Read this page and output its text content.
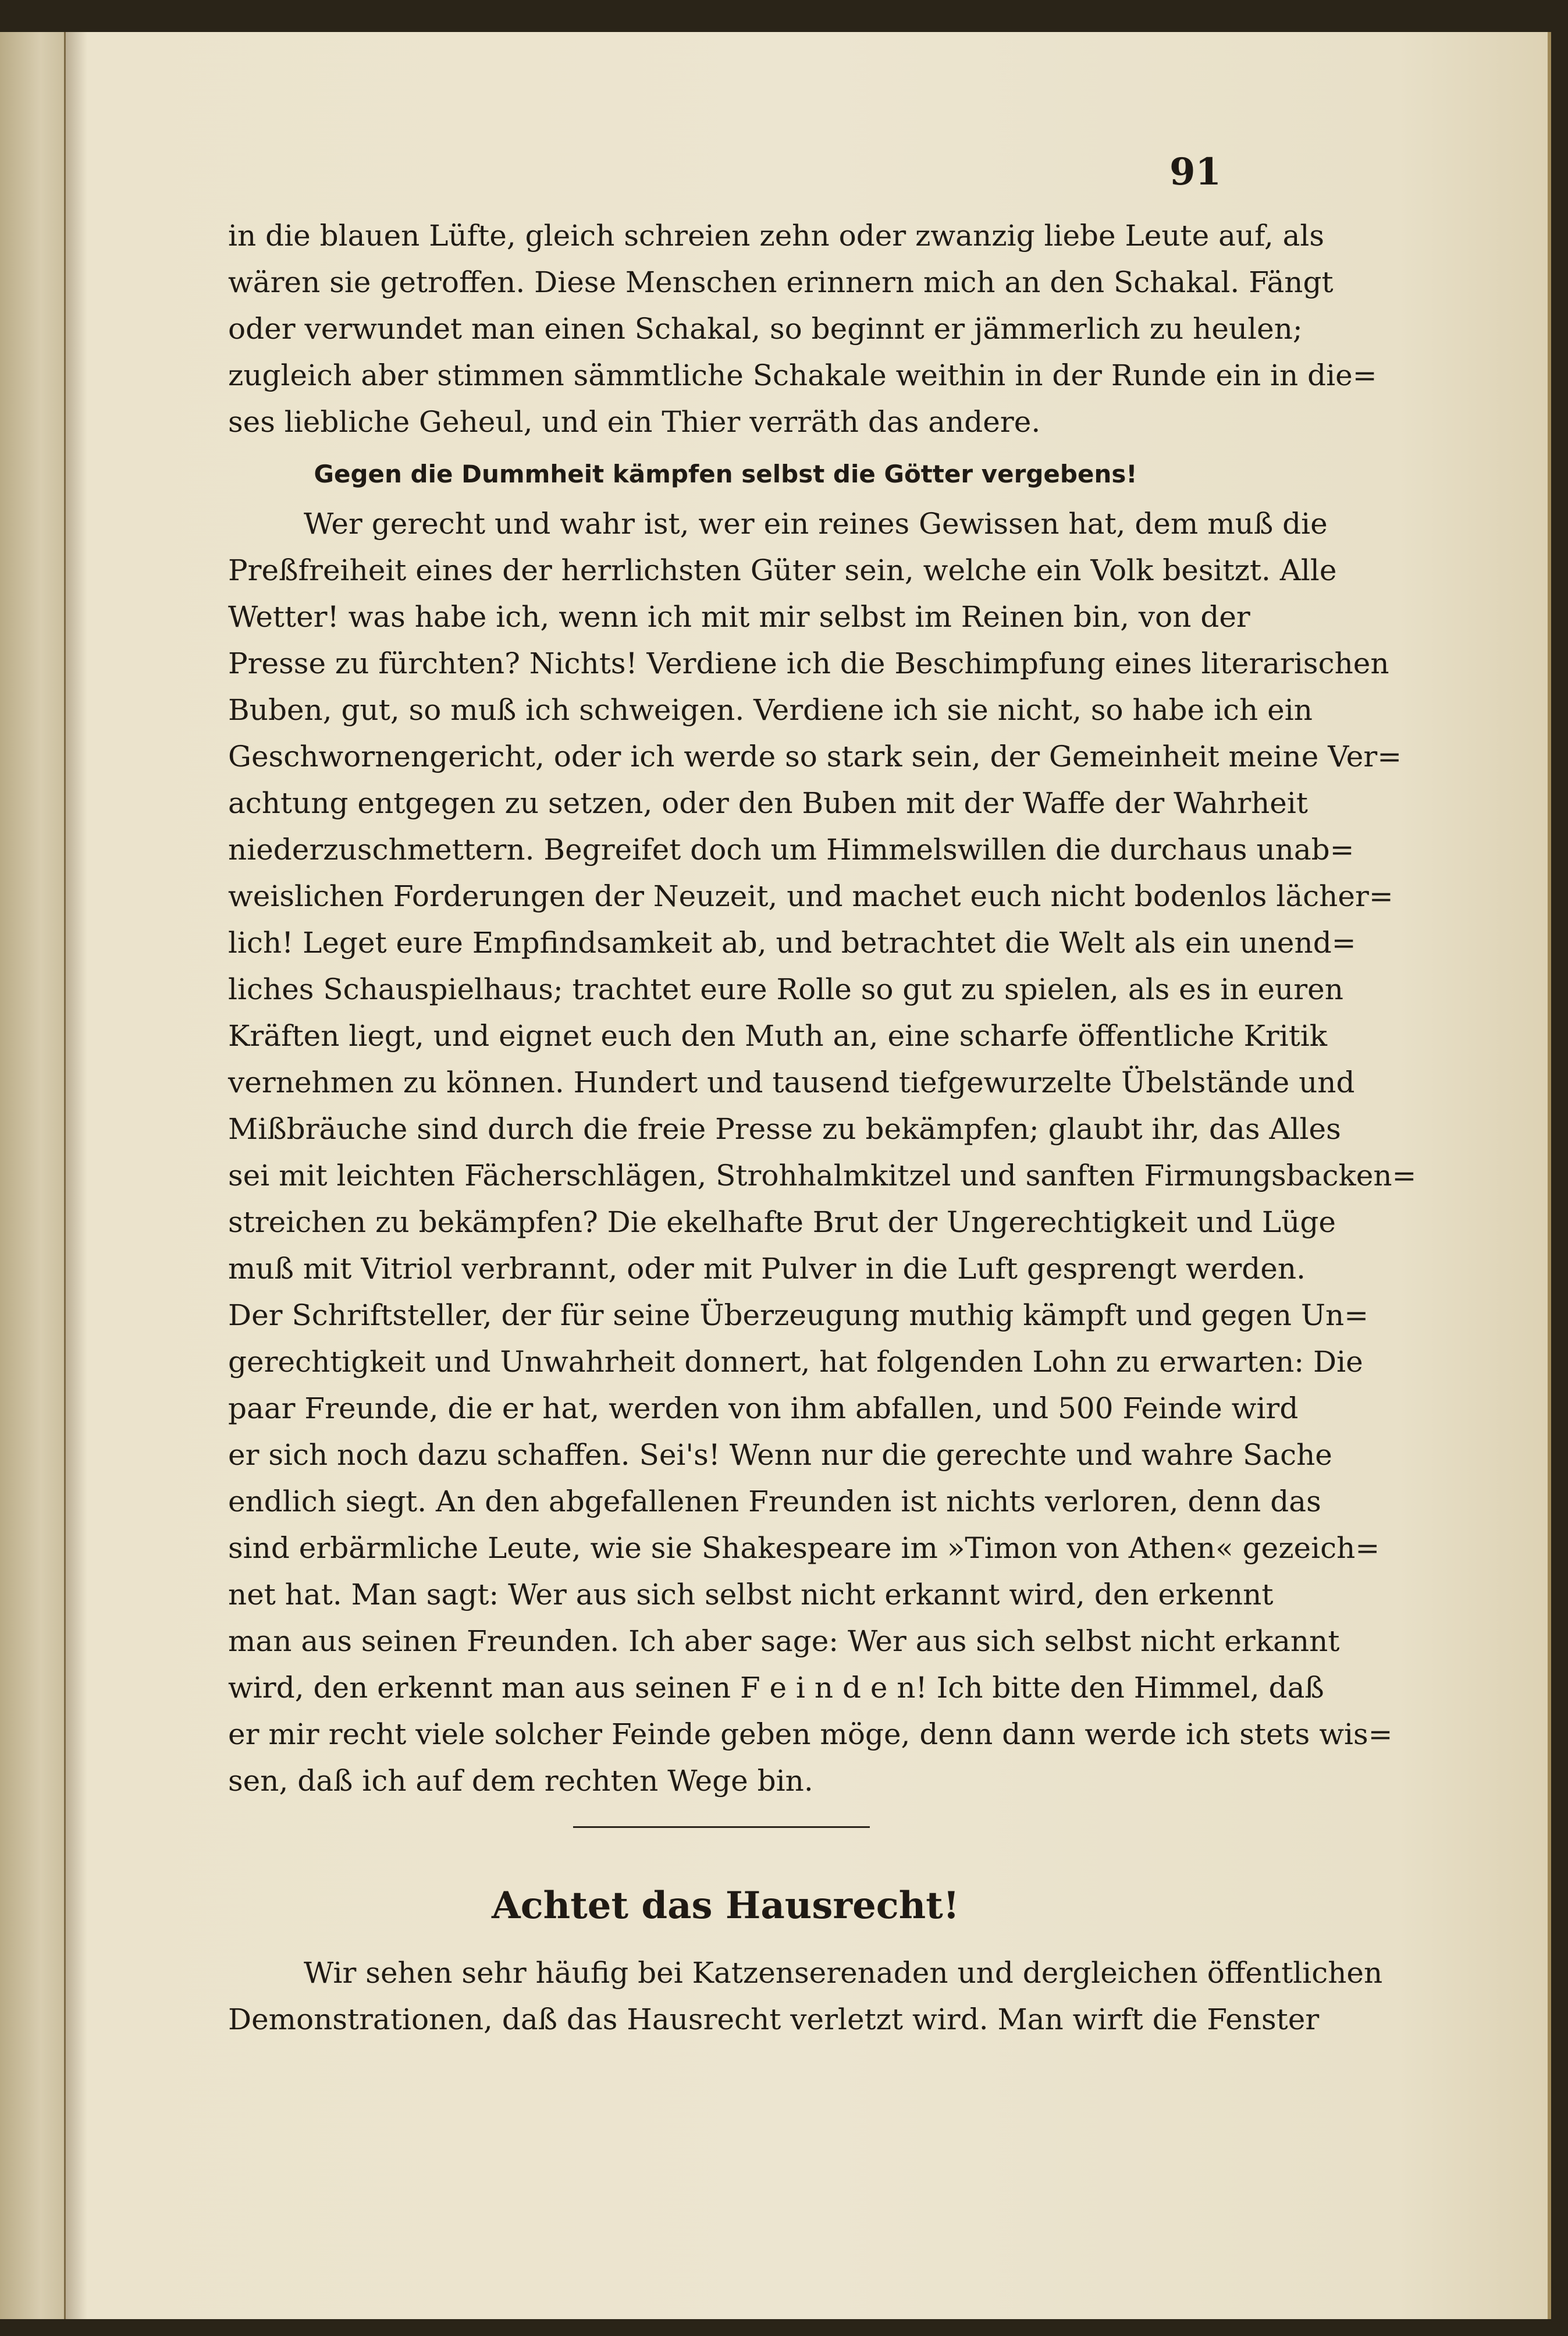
91
in die blauen Lüfte, gleich schreien zehn oder zwanzig liebe Leute auf, als
wären sie getroffen. Diese Menschen erinnern mich an den Schakal. Fängt
oder verwundet man einen Schakal, so beginnt er jämmerlich zu heulen;
zugleich aber stimmen sämmtliche Schakale weithin in der Runde ein in die=
ses liebliche Geheul, und ein Thier verräth das andere.
Gegen die Dummheit kämpfen selbst die Götter vergebens!
Wer gerecht und wahr ist, wer ein reines Gewissen hat, dem muß die
Preßfreiheit eines der herrlichsten Güter sein, welche ein Volk besitzt. Alle
Wetter! was habe ich, wenn ich mit mir selbst im Reinen bin, von der
Presse zu fürchten? Nichts! Verdiene ich die Beschimpfung eines literarischen
Buben, gut, so muß ich schweigen. Verdiene ich sie nicht, so habe ich ein
Geschwornengericht, oder ich werde so stark sein, der Gemeinheit meine Ver=
achtung entgegen zu setzen, oder den Buben mit der Waffe der Wahrheit
niederzuschmettern. Begreifet doch um Himmelswillen die durchaus unab=
weislichen Forderungen der Neuzeit, und machet euch nicht bodenlos lächer=
lich! Leget eure Empfindsamkeit ab, und betrachtet die Welt als ein unend=
liches Schauspielhaus; trachtet eure Rolle so gut zu spielen, als es in euren
Kräften liegt, und eignet euch den Muth an, eine scharfe öffentliche Kritik
vernehmen zu können. Hundert und tausend tiefgewurzelte Übelstände und
Mißbräuche sind durch die freie Presse zu bekämpfen; glaubt ihr, das Alles
sei mit leichten Fächerschlägen, Strohhalmkitzel und sanften Firmungsbacken=
streichen zu bekämpfen? Die ekelhafte Brut der Ungerechtigkeit und Lüge
muß mit Vitriol verbrannt, oder mit Pulver in die Luft gesprengt werden.
Der Schriftsteller, der für seine Überzeugung muthig kämpft und gegen Un=
gerechtigkeit und Unwahrheit donnert, hat folgenden Lohn zu erwarten: Die
paar Freunde, die er hat, werden von ihm abfallen, und 500 Feinde wird
er sich noch dazu schaffen. Sei's! Wenn nur die gerechte und wahre Sache
endlich siegt. An den abgefallenen Freunden ist nichts verloren, denn das
sind erbärmliche Leute, wie sie Shakespeare im »Timon von Athen« gezeich=
net hat. Man sagt: Wer aus sich selbst nicht erkannt wird, den erkennt
man aus seinen Freunden. Ich aber sage: Wer aus sich selbst nicht erkannt
wird, den erkennt man aus seinen F e i n d e n! Ich bitte den Himmel, daß
er mir recht viele solcher Feinde geben möge, denn dann werde ich stets wis=
sen, daß ich auf dem rechten Wege bin.
Achtet das Hausrecht!
Wir sehen sehr häufig bei Katzenserenaden und dergleichen öffentlichen
Demonstrationen, daß das Hausrecht verletzt wird. Man wirft die Fenster
